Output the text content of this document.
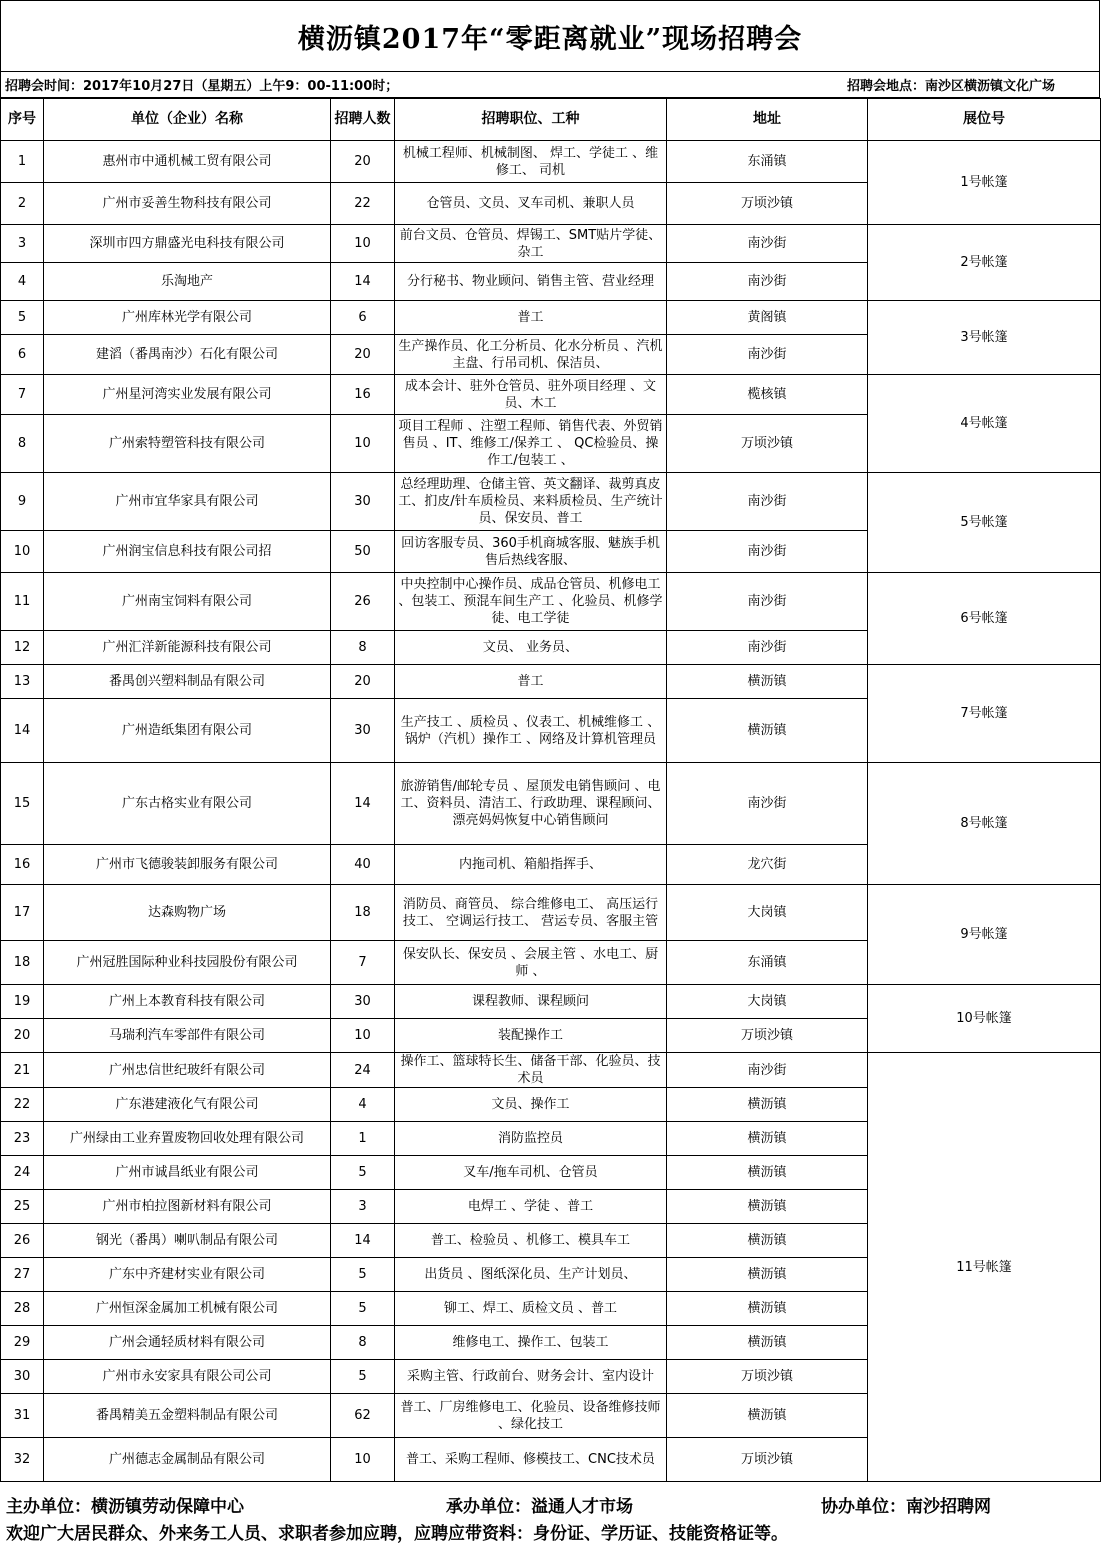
横沥镇2017年“零距离就业”现场招聘会
招聘会时间：2017年10月27日（星期五）上午9：00-11:00时；	招聘会地点：南沙区横沥镇文化广场
序号	单位（企业）名称	招聘人数	招聘职位、工种	地址	展位号
1	惠州市中通机械工贸有限公司	20	机械工程师、机械制图、 焊工、学徒工 、维修工、 司机	东涌镇	1号帐篷
2	广州市妥善生物科技有限公司	22	仓管员、文员、叉车司机、兼职人员	万顷沙镇	
3	深圳市四方鼎盛光电科技有限公司	10	前台文员、仓管员、焊锡工、SMT贴片学徒、杂工	南沙街	2号帐篷
4	乐淘地产	14	分行秘书、物业顾问、销售主管、营业经理	南沙街	
5	广州库林光学有限公司	6	普工	黄阁镇	3号帐篷
6	建滔（番禺南沙）石化有限公司	20	生产操作员、化工分析员、化水分析员 、汽机主盘、行吊司机、保洁员、	南沙街	
7	广州星河湾实业发展有限公司	16	成本会计、驻外仓管员、驻外项目经理 、文员、木工	榄核镇	4号帐篷
8	广州索特塑管科技有限公司	10	项目工程师 、注塑工程师、销售代表、外贸销售员 、IT、维修工/保养工 、 QC检验员、操作工/包装工 、	万顷沙镇	
9	广州市宜华家具有限公司	30	总经理助理、仓储主管、英文翻译、裁剪真皮工、扪皮/针车质检员、来料质检员、生产统计员、保安员、普工	南沙街	5号帐篷
10	广州润宝信息科技有限公司招	50	回访客服专员、360手机商城客服、魅族手机售后热线客服、	南沙街	
11	广州南宝饲料有限公司	26	中央控制中心操作员、成品仓管员、机修电工 、包装工、预混车间生产工 、化验员、机修学徒、电工学徒	南沙街	6号帐篷
12	广州汇洋新能源科技有限公司	8	文员、 业务员、	南沙街	
13	番禺创兴塑料制品有限公司	20	普工	横沥镇	7号帐篷
14	广州造纸集团有限公司	30	生产技工 、质检员 、仪表工、机械维修工 、锅炉（汽机）操作工 、网络及计算机管理员	横沥镇	
15	广东古格实业有限公司	14	旅游销售/邮轮专员 、屋顶发电销售顾问 、电工、资料员、清洁工、行政助理、课程顾问、漂亮妈妈恢复中心销售顾问	南沙街	8号帐篷
16	广州市飞德骏装卸服务有限公司	40	内拖司机、箱船指挥手、	龙穴街	
17	达森购物广场	18	消防员、商管员、 综合维修电工、 高压运行技工、 空调运行技工、 营运专员、客服主管	大岗镇	9号帐篷
18	广州冠胜国际种业科技园股份有限公司	7	保安队长、保安员 、会展主管 、水电工、厨师 、	东涌镇	
19	广州上本教育科技有限公司	30	课程教师、课程顾问	大岗镇	10号帐篷
20	马瑞利汽车零部件有限公司	10	装配操作工	万顷沙镇	
21	广州忠信世纪玻纤有限公司	24	操作工、篮球特长生、储备干部、化验员、技术员	南沙街	11号帐篷
22	广东港建液化气有限公司	4	文员、操作工	横沥镇	
23	广州绿由工业弃置废物回收处理有限公司	1	消防监控员	横沥镇	
24	广州市诚昌纸业有限公司	5	叉车/拖车司机、仓管员	横沥镇	
25	广州市柏拉图新材料有限公司	3	电焊工 、学徒 、普工	横沥镇	
26	钢光（番禺）喇叭制品有限公司	14	普工、检验员 、机修工、模具车工	横沥镇	
27	广东中齐建材实业有限公司	5	出货员 、图纸深化员、生产计划员、	横沥镇	
28	广州恒深金属加工机械有限公司	5	铆工、焊工、质检文员 、普工	横沥镇	
29	广州会通轻质材料有限公司	8	维修电工、操作工、包装工	横沥镇	
30	广州市永安家具有限公司公司	5	采购主管、行政前台、财务会计、室内设计	万顷沙镇	
31	番禺精美五金塑料制品有限公司	62	普工、厂房维修电工、化验员、设备维修技师 、绿化技工	横沥镇	
32	广州德志金属制品有限公司	10	普工、采购工程师、修模技工、CNC技术员	万顷沙镇	
主办单位：横沥镇劳动保障中心	承办单位：溢通人才市场	协办单位：南沙招聘网
欢迎广大居民群众、外来务工人员、求职者参加应聘，应聘应带资料：身份证、学历证、技能资格证等。
